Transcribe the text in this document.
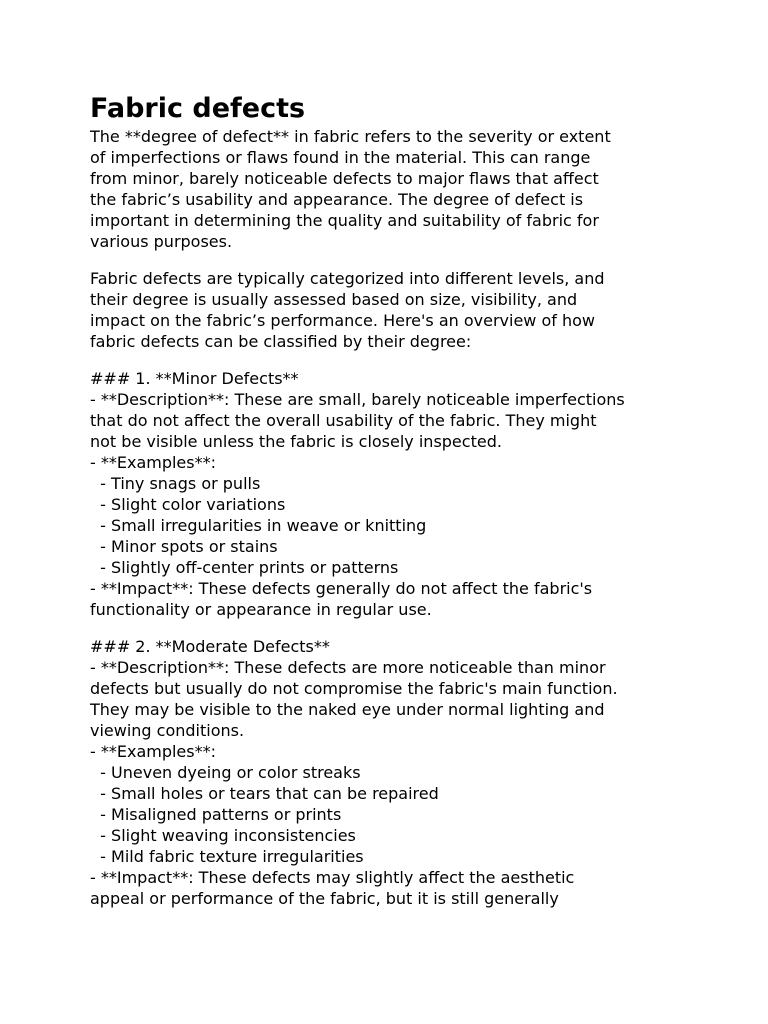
Fabric defects
The **degree of defect** in fabric refers to the severity or extent
of imperfections or flaws found in the material. This can range
from minor, barely noticeable defects to major flaws that affect
the fabric’s usability and appearance. The degree of defect is
important in determining the quality and suitability of fabric for
various purposes.
Fabric defects are typically categorized into different levels, and
their degree is usually assessed based on size, visibility, and
impact on the fabric’s performance. Here's an overview of how
fabric defects can be classified by their degree:
### 1. **Minor Defects**
- **Description**: These are small, barely noticeable imperfections
that do not affect the overall usability of the fabric. They might
not be visible unless the fabric is closely inspected.
- **Examples**:
- Tiny snags or pulls
- Slight color variations
- Small irregularities in weave or knitting
- Minor spots or stains
- Slightly off-center prints or patterns
- **Impact**: These defects generally do not affect the fabric's
functionality or appearance in regular use.
### 2. **Moderate Defects**
- **Description**: These defects are more noticeable than minor
defects but usually do not compromise the fabric's main function.
They may be visible to the naked eye under normal lighting and
viewing conditions.
- **Examples**:
- Uneven dyeing or color streaks
- Small holes or tears that can be repaired
- Misaligned patterns or prints
- Slight weaving inconsistencies
- Mild fabric texture irregularities
- **Impact**: These defects may slightly affect the aesthetic
appeal or performance of the fabric, but it is still generally
